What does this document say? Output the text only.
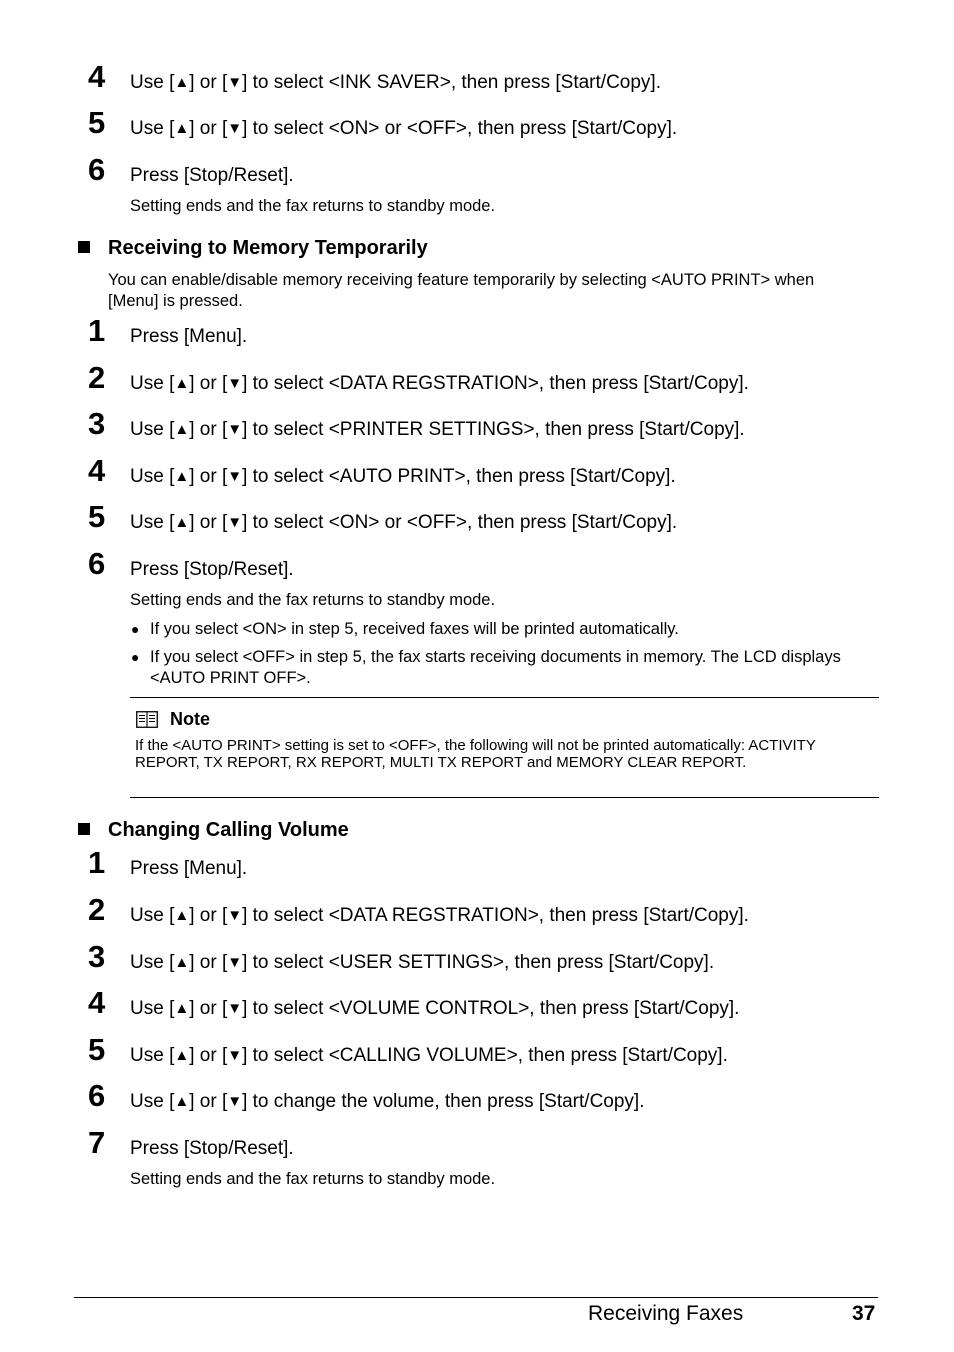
4 Use [▲] or [▼] to select <INK SAVER>, then press [Start/Copy].
5 Use [▲] or [▼] to select <ON> or <OFF>, then press [Start/Copy].
6 Press [Stop/Reset].
Setting ends and the fax returns to standby mode.
Receiving to Memory Temporarily
You can enable/disable memory receiving feature temporarily by selecting <AUTO PRINT> when [Menu] is pressed.
1 Press [Menu].
2 Use [▲] or [▼] to select <DATA REGSTRATION>, then press [Start/Copy].
3 Use [▲] or [▼] to select <PRINTER SETTINGS>, then press [Start/Copy].
4 Use [▲] or [▼] to select <AUTO PRINT>, then press [Start/Copy].
5 Use [▲] or [▼] to select <ON> or <OFF>, then press [Start/Copy].
6 Press [Stop/Reset].
Setting ends and the fax returns to standby mode.
● If you select <ON> in step 5, received faxes will be printed automatically.
● If you select <OFF> in step 5, the fax starts receiving documents in memory. The LCD displays <AUTO PRINT OFF>.
Note
If the <AUTO PRINT> setting is set to <OFF>, the following will not be printed automatically: ACTIVITY REPORT, TX REPORT, RX REPORT, MULTI TX REPORT and MEMORY CLEAR REPORT.
Changing Calling Volume
1 Press [Menu].
2 Use [▲] or [▼] to select <DATA REGSTRATION>, then press [Start/Copy].
3 Use [▲] or [▼] to select <USER SETTINGS>, then press [Start/Copy].
4 Use [▲] or [▼] to select <VOLUME CONTROL>, then press [Start/Copy].
5 Use [▲] or [▼] to select <CALLING VOLUME>, then press [Start/Copy].
6 Use [▲] or [▼] to change the volume, then press [Start/Copy].
7 Press [Stop/Reset].
Setting ends and the fax returns to standby mode.
Receiving Faxes	37
